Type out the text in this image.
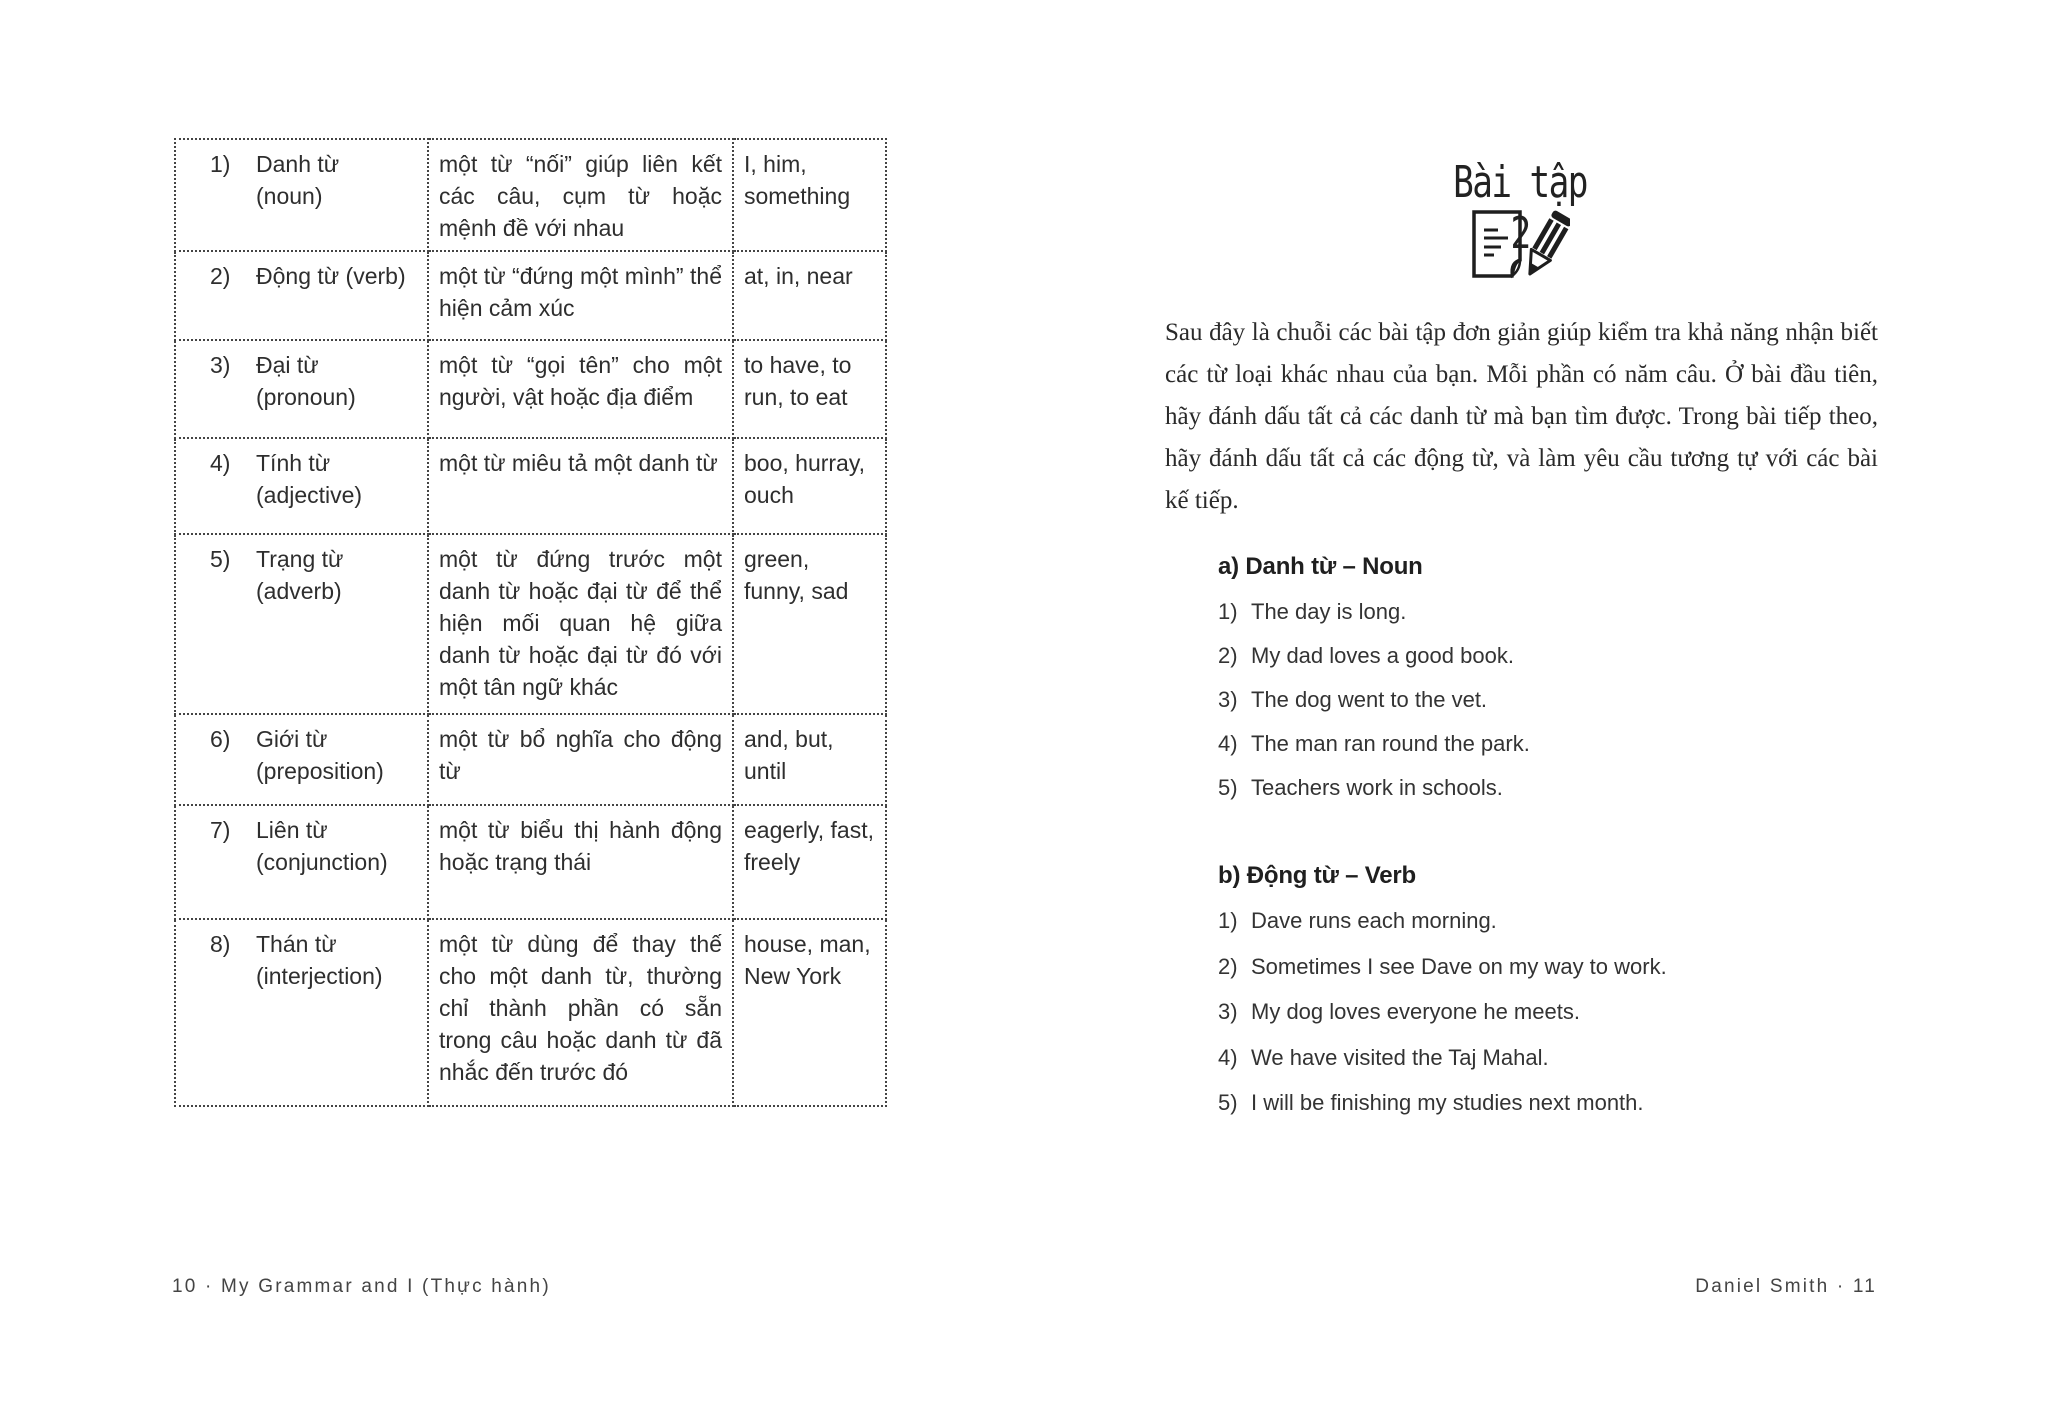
1) Danh từ
(noun)	một từ “nối” giúp liên kết các câu, cụm từ hoặc mệnh đề với nhau	I, him, something

2) Động từ (verb)	một từ “đứng một mình” thể hiện cảm xúc	at, in, near

3) Đại từ
(pronoun)	một từ “gọi tên” cho một người, vật hoặc địa điểm	to have, to run, to eat

4) Tính từ
(adjective)	một từ miêu tả một danh từ	boo, hurray, ouch

5) Trạng từ
(adverb)	một từ đứng trước một danh từ hoặc đại từ để thể hiện mối quan hệ giữa danh từ hoặc đại từ đó với một tân ngữ khác	green, funny, sad

6) Giới từ
(preposition)	một từ bổ nghĩa cho động từ	and, but, until

7) Liên từ
(conjunction)	một từ biểu thị hành động hoặc trạng thái	eagerly, fast, freely

8) Thán từ
(interjection)	một từ dùng để thay thế cho một danh từ, thường chỉ thành phần có sẵn trong câu hoặc danh từ đã nhắc đến trước đó	house, man, New York
10 · My Grammar and I (Thực hành)
Bài tập 2

Sau đây là chuỗi các bài tập đơn giản giúp kiểm tra khả năng nhận biết các từ loại khác nhau của bạn. Mỗi phần có năm câu. Ở bài đầu tiên, hãy đánh dấu tất cả các danh từ mà bạn tìm được. Trong bài tiếp theo, hãy đánh dấu tất cả các động từ, và làm yêu cầu tương tự với các bài kế tiếp.

a) Danh từ – Noun
1) The day is long.
2) My dad loves a good book.
3) The dog went to the vet.
4) The man ran round the park.
5) Teachers work in schools.
b) Động từ – Verb
1) Dave runs each morning.
2) Sometimes I see Dave on my way to work.
3) My dog loves everyone he meets.
4) We have visited the Taj Mahal.
5) I will be finishing my studies next month.
Daniel Smith · 11
